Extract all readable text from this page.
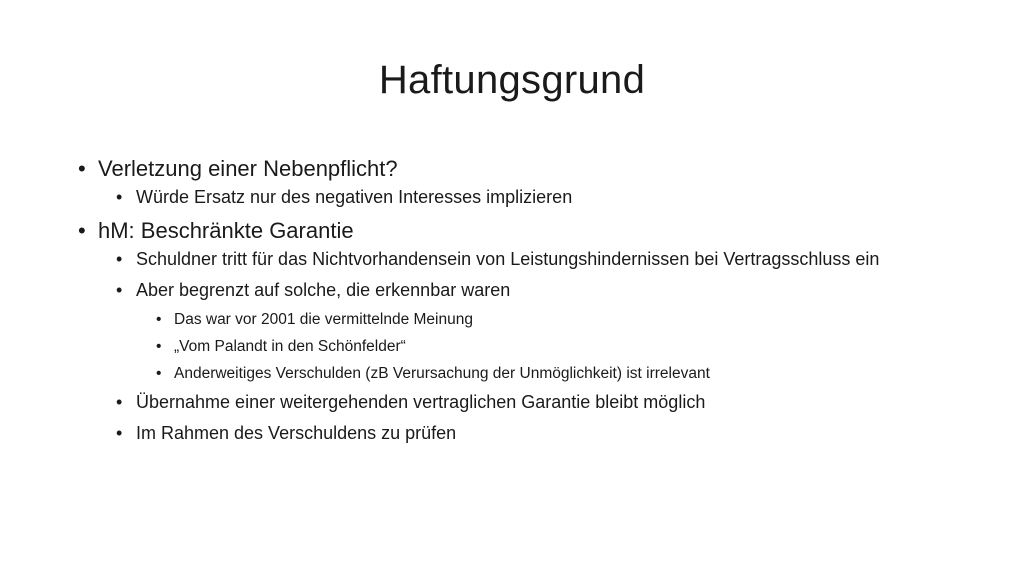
Haftungsgrund
• Verletzung einer Nebenpflicht?
• Würde Ersatz nur des negativen Interesses implizieren
• hM: Beschränkte Garantie
• Schuldner tritt für das Nichtvorhandensein von Leistungshindernissen bei Vertragsschluss ein
• Aber begrenzt auf solche, die erkennbar waren
• Das war vor 2001 die vermittelnde Meinung
• „Vom Palandt in den Schönfelder“
• Anderweitiges Verschulden (zB Verursachung der Unmöglichkeit) ist irrelevant
• Übernahme einer weitergehenden vertraglichen Garantie bleibt möglich
• Im Rahmen des Verschuldens zu prüfen
